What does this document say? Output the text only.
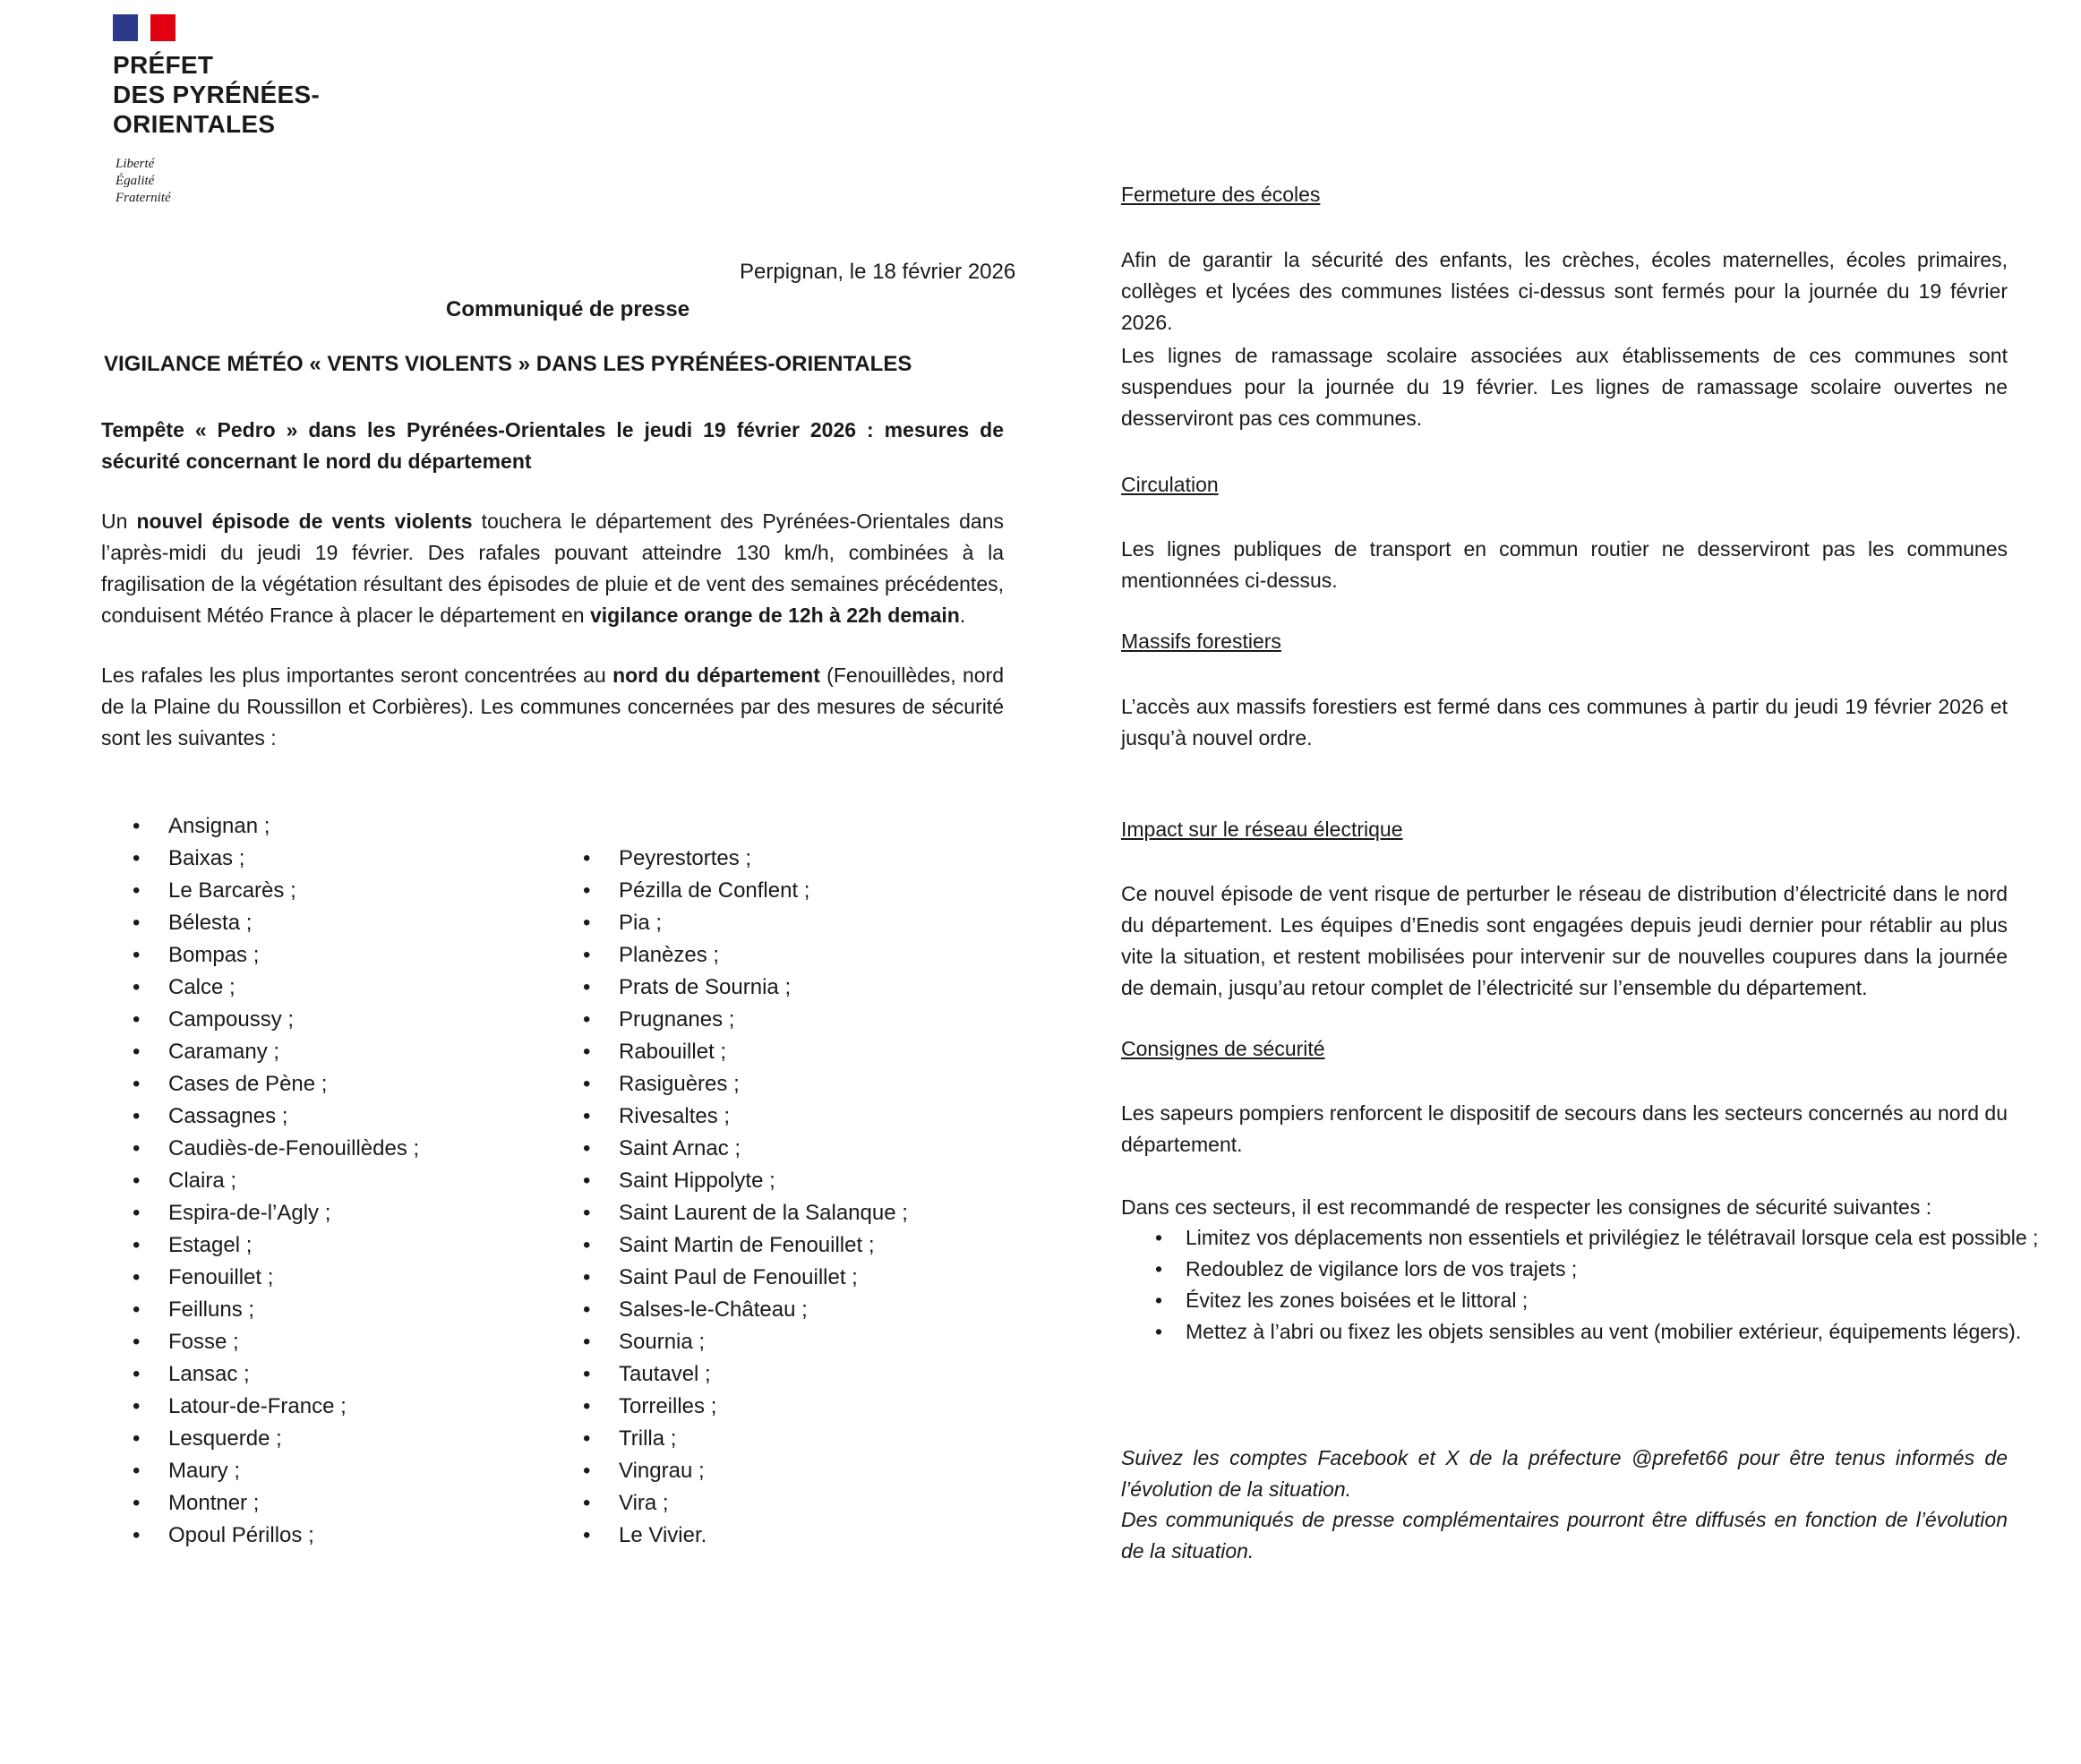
PRÉFET
DES PYRÉNÉES-
ORIENTALES
Liberté
Égalité
Fraternité
Perpignan, le 18 février 2026
Communiqué de presse
VIGILANCE MÉTÉO « VENTS VIOLENTS » DANS LES PYRÉNÉES-ORIENTALES
Tempête « Pedro » dans les Pyrénées-Orientales le jeudi 19 février 2026 : mesures de sécurité concernant le nord du département
Un nouvel épisode de vents violents touchera le département des Pyrénées-Orientales dans l’après-midi du jeudi 19 février. Des rafales pouvant atteindre 130 km/h, combinées à la fragilisation de la végétation résultant des épisodes de pluie et de vent des semaines précédentes, conduisent Météo France à placer le département en vigilance orange de 12h à 22h demain.
Les rafales les plus importantes seront concentrées au nord du département (Fenouillèdes, nord de la Plaine du Roussillon et Corbières). Les communes concernées par des mesures de sécurité sont les suivantes :
• Ansignan ;
• Baixas ;
• Le Barcarès ;
• Bélesta ;
• Bompas ;
• Calce ;
• Campoussy ;
• Caramany ;
• Cases de Pène ;
• Cassagnes ;
• Caudiès-de-Fenouillèdes ;
• Claira ;
• Espira-de-l’Agly ;
• Estagel ;
• Fenouillet ;
• Feilluns ;
• Fosse ;
• Lansac ;
• Latour-de-France ;
• Lesquerde ;
• Maury ;
• Montner ;
• Opoul Périllos ;
• Peyrestortes ;
• Pézilla de Conflent ;
• Pia ;
• Planèzes ;
• Prats de Sournia ;
• Prugnanes ;
• Rabouillet ;
• Rasiguères ;
• Rivesaltes ;
• Saint Arnac ;
• Saint Hippolyte ;
• Saint Laurent de la Salanque ;
• Saint Martin de Fenouillet ;
• Saint Paul de Fenouillet ;
• Salses-le-Château ;
• Sournia ;
• Tautavel ;
• Torreilles ;
• Trilla ;
• Vingrau ;
• Vira ;
• Le Vivier.
Fermeture des écoles
Afin de garantir la sécurité des enfants, les crèches, écoles maternelles, écoles primaires, collèges et lycées des communes listées ci-dessus sont fermés pour la journée du 19 février 2026.
Les lignes de ramassage scolaire associées aux établissements de ces communes sont suspendues pour la journée du 19 février. Les lignes de ramassage scolaire ouvertes ne desserviront pas ces communes.
Circulation
Les lignes publiques de transport en commun routier ne desserviront pas les communes mentionnées ci-dessus.
Massifs forestiers
L’accès aux massifs forestiers est fermé dans ces communes à partir du jeudi 19 février 2026 et jusqu’à nouvel ordre.
Impact sur le réseau électrique
Ce nouvel épisode de vent risque de perturber le réseau de distribution d’électricité dans le nord du département. Les équipes d’Enedis sont engagées depuis jeudi dernier pour rétablir au plus vite la situation, et restent mobilisées pour intervenir sur de nouvelles coupures dans la journée de demain, jusqu’au retour complet de l’électricité sur l’ensemble du département.
Consignes de sécurité
Les sapeurs pompiers renforcent le dispositif de secours dans les secteurs concernés au nord du département.
Dans ces secteurs, il est recommandé de respecter les consignes de sécurité suivantes :
• Limitez vos déplacements non essentiels et privilégiez le télétravail lorsque cela est possible ;
• Redoublez de vigilance lors de vos trajets ;
• Évitez les zones boisées et le littoral ;
• Mettez à l’abri ou fixez les objets sensibles au vent (mobilier extérieur, équipements légers).
Suivez les comptes Facebook et X de la préfecture @prefet66 pour être tenus informés de l’évolution de la situation.
Des communiqués de presse complémentaires pourront être diffusés en fonction de l’évolution de la situation.
